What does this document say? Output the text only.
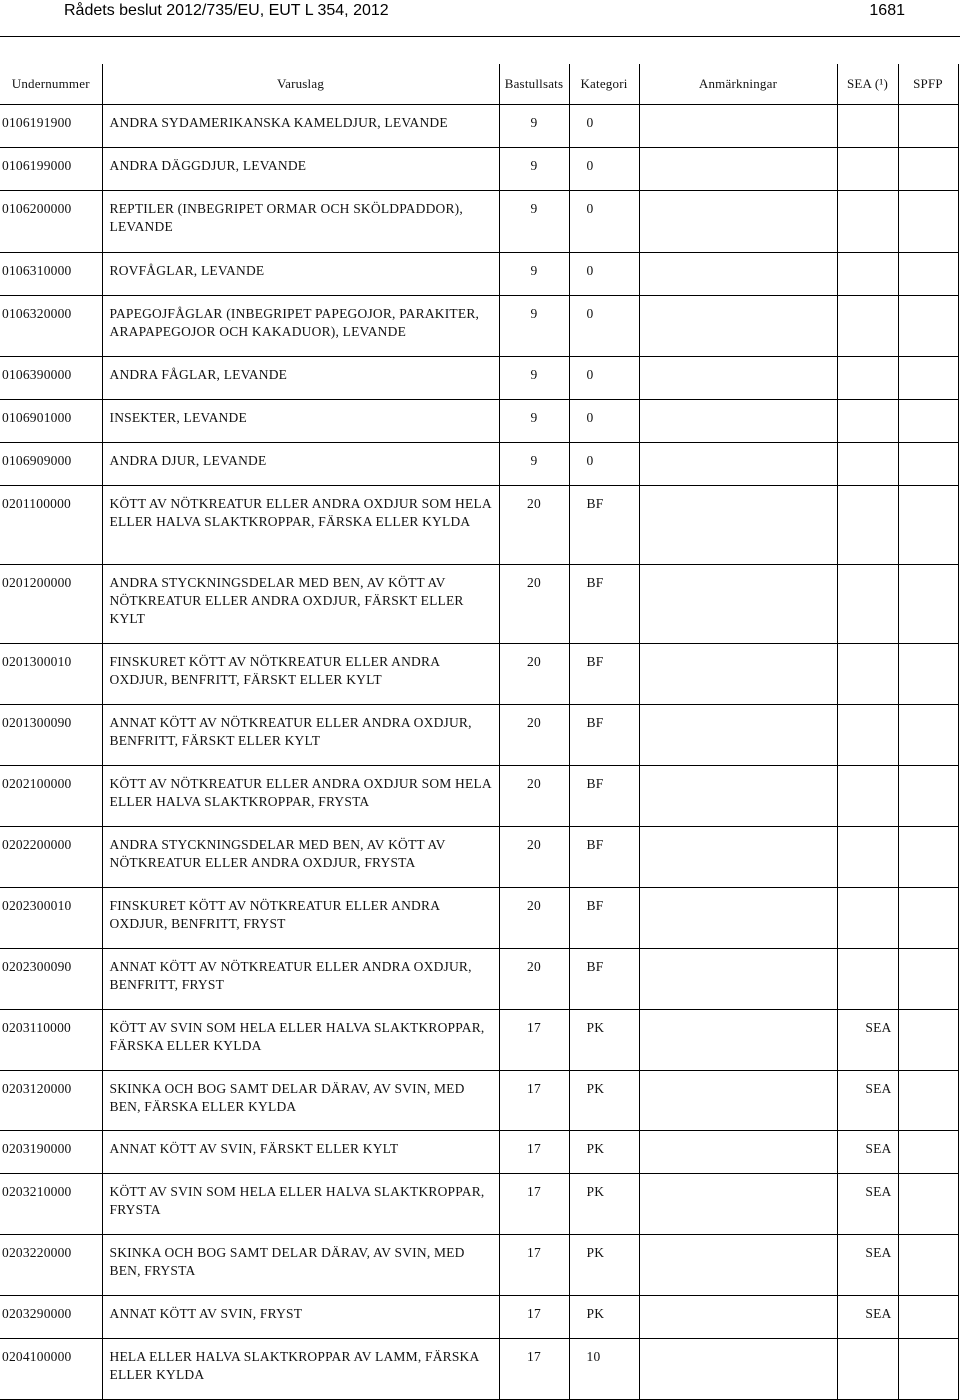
Rådets beslut 2012/735/EU, EUT L 354, 2012	1681
Undernummer	Varuslag	Bastullsats	Kategori	Anmärkningar	SEA (¹)	SPFP
0106191900	ANDRA SYDAMERIKANSKA KAMELDJUR, LEVANDE	9	0			
0106199000	ANDRA DÄGGDJUR, LEVANDE	9	0			
0106200000	REPTILER (INBEGRIPET ORMAR OCH SKÖLDPADDOR), LEVANDE	9	0			
0106310000	ROVFÅGLAR, LEVANDE	9	0			
0106320000	PAPEGOJFÅGLAR (INBEGRIPET PAPEGOJOR, PARAKITER, ARAPAPEGOJOR OCH KAKADUOR), LEVANDE	9	0			
0106390000	ANDRA FÅGLAR, LEVANDE	9	0			
0106901000	INSEKTER, LEVANDE	9	0			
0106909000	ANDRA DJUR, LEVANDE	9	0			
0201100000	KÖTT AV NÖTKREATUR ELLER ANDRA OXDJUR SOM HELA ELLER HALVA SLAKTKROPPAR, FÄRSKA ELLER KYLDA	20	BF			
0201200000	ANDRA STYCKNINGSDELAR MED BEN, AV KÖTT AV NÖTKREATUR ELLER ANDRA OXDJUR, FÄRSKT ELLER KYLT	20	BF			
0201300010	FINSKURET KÖTT AV NÖTKREATUR ELLER ANDRA OXDJUR, BENFRITT, FÄRSKT ELLER KYLT	20	BF			
0201300090	ANNAT KÖTT AV NÖTKREATUR ELLER ANDRA OXDJUR, BENFRITT, FÄRSKT ELLER KYLT	20	BF			
0202100000	KÖTT AV NÖTKREATUR ELLER ANDRA OXDJUR SOM HELA ELLER HALVA SLAKTKROPPAR, FRYSTA	20	BF			
0202200000	ANDRA STYCKNINGSDELAR MED BEN, AV KÖTT AV NÖTKREATUR ELLER ANDRA OXDJUR, FRYSTA	20	BF			
0202300010	FINSKURET KÖTT AV NÖTKREATUR ELLER ANDRA OXDJUR, BENFRITT, FRYST	20	BF			
0202300090	ANNAT KÖTT AV NÖTKREATUR ELLER ANDRA OXDJUR, BENFRITT, FRYST	20	BF			
0203110000	KÖTT AV SVIN SOM HELA ELLER HALVA SLAKTKROPPAR, FÄRSKA ELLER KYLDA	17	PK		SEA	
0203120000	SKINKA OCH BOG SAMT DELAR DÄRAV, AV SVIN, MED BEN, FÄRSKA ELLER KYLDA	17	PK		SEA	
0203190000	ANNAT KÖTT AV SVIN, FÄRSKT ELLER KYLT	17	PK		SEA	
0203210000	KÖTT AV SVIN SOM HELA ELLER HALVA SLAKTKROPPAR, FRYSTA	17	PK		SEA	
0203220000	SKINKA OCH BOG SAMT DELAR DÄRAV, AV SVIN, MED BEN, FRYSTA	17	PK		SEA	
0203290000	ANNAT KÖTT AV SVIN, FRYST	17	PK		SEA	
0204100000	HELA ELLER HALVA SLAKTKROPPAR AV LAMM, FÄRSKA ELLER KYLDA	17	10			
